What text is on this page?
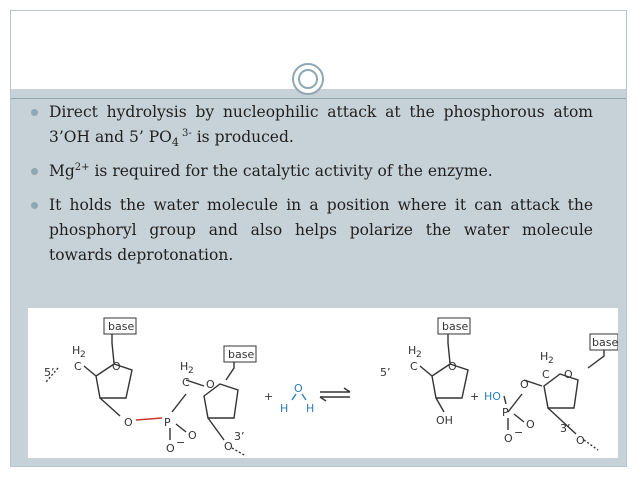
Direct hydrolysis by nucleophilic attack at the phosphorous atom 3’OH and 5’ $PO_4$ $^{3-}$ is produced.
$Mg^{2+}$ is required for the catalytic activity of the enzyme.
It holds the water molecule in a position where it can attack the phosphoryl group and also helps polarize the water molecule towards deprotonation.
base
base
base
base
H 2
C
5’	O
O	P
O
O −
H 2
C O
O
3’
+
O
H H
H 2
C
5’	O
OH
+ HO
P
O
O −
O
H 2
C O
O
3’
